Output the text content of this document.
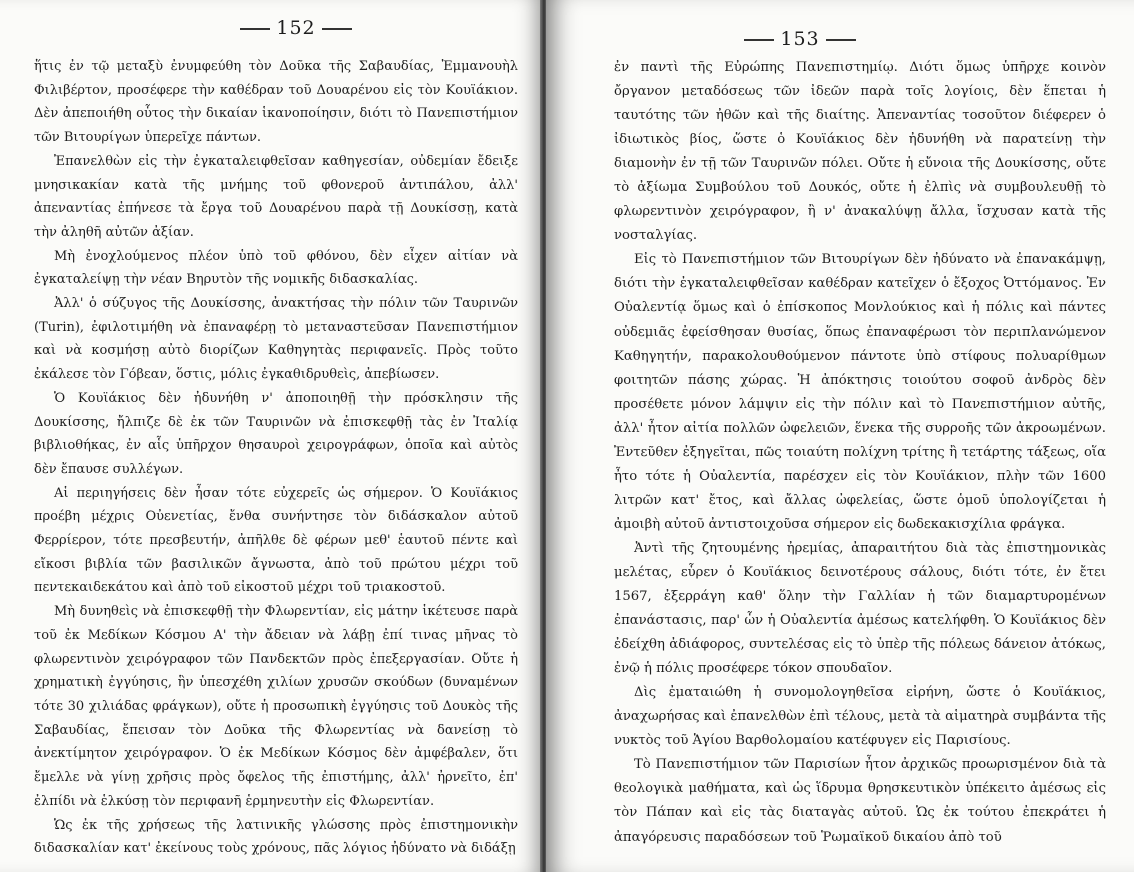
152

ἥτις ἐν τῷ μεταξὺ ἐνυμφεύθη τὸν Δοῦκα τῆς Σαβαυδίας, Ἐμμανουὴλ Φιλιβέρτον, προσέφερε τὴν καθέδραν τοῦ Δουαρένου εἰς τὸν Κουϊάκιον. Δὲν ἀπεποιήθη οὗτος τὴν δικαίαν ἱκανοποίησιν, διότι τὸ Πανεπιστήμιον τῶν Βιτουρίγων ὑπερεῖχε πάντων.

Ἐπανελθὼν εἰς τὴν ἐγκαταλειφθεῖσαν καθηγεσίαν, οὐδεμίαν ἔδειξε μνησικακίαν κατὰ τῆς μνήμης τοῦ φθονεροῦ ἀντιπάλου, ἀλλ' ἀπεναντίας ἐπήνεσε τὰ ἔργα τοῦ Δουαρένου παρὰ τῇ Δουκίσσῃ, κατὰ τὴν ἀληθῆ αὐτῶν ἀξίαν.

Μὴ ἐνοχλούμενος πλέον ὑπὸ τοῦ φθόνου, δὲν εἶχεν αἰτίαν νὰ ἐγκαταλείψῃ τὴν νέαν Βηρυτὸν τῆς νομικῆς διδασκαλίας.

Ἀλλ' ὁ σύζυγος τῆς Δουκίσσης, ἀνακτήσας τὴν πόλιν τῶν Ταυρινῶν (Turin), ἐφιλοτιμήθη νὰ ἐπαναφέρῃ τὸ μεταναστεῦσαν Πανεπιστήμιον καὶ νὰ κοσμήσῃ αὐτὸ διορίζων Καθηγητὰς περιφανεῖς. Πρὸς τοῦτο ἐκάλεσε τὸν Γόβεαν, ὅστις, μόλις ἐγκαθιδρυθεὶς, ἀπεβίωσεν.

Ὁ Κουϊάκιος δὲν ἠδυνήθη ν' ἀποποιηθῇ τὴν πρόσκλησιν τῆς Δουκίσσης, ἤλπιζε δὲ ἐκ τῶν Ταυρινῶν νὰ ἐπισκεφθῇ τὰς ἐν Ἰταλίᾳ βιβλιοθήκας, ἐν αἷς ὑπῆρχον θησαυροὶ χειρογράφων, ὁποῖα καὶ αὐτὸς δὲν ἔπαυσε συλλέγων.

Αἱ περιηγήσεις δὲν ἦσαν τότε εὐχερεῖς ὡς σήμερον. Ὁ Κουϊάκιος προέβη μέχρις Οὐενετίας, ἔνθα συνήντησε τὸν διδάσκαλον αὐτοῦ Φερρίερον, τότε πρεσβευτήν, ἀπῆλθε δὲ φέρων μεθ' ἑαυτοῦ πέντε καὶ εἴκοσι βιβλία τῶν βασιλικῶν ἄγνωστα, ἀπὸ τοῦ πρώτου μέχρι τοῦ πεντεκαιδεκάτου καὶ ἀπὸ τοῦ εἰκοστοῦ μέχρι τοῦ τριακοστοῦ.

Μὴ δυνηθεὶς νὰ ἐπισκεφθῇ τὴν Φλωρεντίαν, εἰς μάτην ἱκέτευσε παρὰ τοῦ ἐκ Μεδίκων Κόσμου Α' τὴν ἄδειαν νὰ λάβῃ ἐπί τινας μῆνας τὸ φλωρεντινὸν χειρόγραφον τῶν Πανδεκτῶν πρὸς ἐπεξεργασίαν. Οὔτε ἡ χρηματικὴ ἐγγύησις, ἣν ὑπεσχέθη χιλίων χρυσῶν σκούδων (δυναμένων τότε 30 χιλιάδας φράγκων), οὔτε ἡ προσωπικὴ ἐγγύησις τοῦ Δουκὸς τῆς Σαβαυδίας, ἔπεισαν τὸν Δοῦκα τῆς Φλωρεντίας νὰ δανείσῃ τὸ ἀνεκτίμητον χειρόγραφον. Ὁ ἐκ Μεδίκων Κόσμος δὲν ἀμφέβαλεν, ὅτι ἔμελλε νὰ γίνῃ χρῆσις πρὸς ὄφελος τῆς ἐπιστήμης, ἀλλ' ἠρνεῖτο, ἐπ' ἐλπίδι νὰ ἑλκύσῃ τὸν περιφανῆ ἑρμηνευτὴν εἰς Φλωρεντίαν.

Ὡς ἐκ τῆς χρήσεως τῆς λατινικῆς γλώσσης πρὸς ἐπιστημονικὴν διδασκαλίαν κατ' ἐκείνους τοὺς χρόνους, πᾶς λόγιος ἠδύνατο νὰ διδάξῃ

153

ἐν παντὶ τῆς Εὐρώπης Πανεπιστημίῳ. Διότι ὅμως ὑπῆρχε κοινὸν ὄργανον μεταδόσεως τῶν ἰδεῶν παρὰ τοῖς λογίοις, δὲν ἕπεται ἡ ταυτότης τῶν ἠθῶν καὶ τῆς διαίτης. Ἀπεναντίας τοσοῦτον διέφερεν ὁ ἰδιωτικὸς βίος, ὥστε ὁ Κουϊάκιος δὲν ἠδυνήθη νὰ παρατείνῃ τὴν διαμονὴν ἐν τῇ τῶν Ταυρινῶν πόλει. Οὔτε ἡ εὔνοια τῆς Δουκίσσης, οὔτε τὸ ἀξίωμα Συμβούλου τοῦ Δουκός, οὔτε ἡ ἐλπὶς νὰ συμβουλευθῇ τὸ φλωρεντινὸν χειρόγραφον, ἢ ν' ἀνακαλύψῃ ἄλλα, ἴσχυσαν κατὰ τῆς νοσταλγίας.

Εἰς τὸ Πανεπιστήμιον τῶν Βιτουρίγων δὲν ἠδύνατο νὰ ἐπανακάμψῃ, διότι τὴν ἐγκαταλειφθεῖσαν καθέδραν κατεῖχεν ὁ ἔξοχος Ὀττόμανος. Ἐν Οὐαλεντίᾳ ὅμως καὶ ὁ ἐπίσκοπος Μονλούκιος καὶ ἡ πόλις καὶ πάντες οὐδεμιᾶς ἐφείσθησαν θυσίας, ὅπως ἐπαναφέρωσι τὸν περιπλανώμενον Καθηγητήν, παρακολουθούμενον πάντοτε ὑπὸ στίφους πολυαρίθμων φοιτητῶν πάσης χώρας. Ἡ ἀπόκτησις τοιούτου σοφοῦ ἀνδρὸς δὲν προσέθετε μόνον λάμψιν εἰς τὴν πόλιν καὶ τὸ Πανεπιστήμιον αὐτῆς, ἀλλ' ἦτον αἰτία πολλῶν ὠφελειῶν, ἕνεκα τῆς συρροῆς τῶν ἀκροωμένων. Ἐντεῦθεν ἐξηγεῖται, πῶς τοιαύτη πολίχνη τρίτης ἢ τετάρτης τάξεως, οἵα ἦτο τότε ἡ Οὐαλεντία, παρέσχεν εἰς τὸν Κουϊάκιον, πλὴν τῶν 1600 λιτρῶν κατ' ἔτος, καὶ ἄλλας ὠφελείας, ὥστε ὁμοῦ ὑπολογίζεται ἡ ἀμοιβὴ αὐτοῦ ἀντιστοιχοῦσα σήμερον εἰς δωδεκακισχίλια φράγκα.

Ἀντὶ τῆς ζητουμένης ἠρεμίας, ἀπαραιτήτου διὰ τὰς ἐπιστημονικὰς μελέτας, εὗρεν ὁ Κουϊάκιος δεινοτέρους σάλους, διότι τότε, ἐν ἔτει 1567, ἐξερράγη καθ' ὅλην τὴν Γαλλίαν ἡ τῶν διαμαρτυρομένων ἐπανάστασις, παρ' ὧν ἡ Οὐαλεντία ἀμέσως κατελήφθη. Ὁ Κουϊάκιος δὲν ἐδείχθη ἀδιάφορος, συντελέσας εἰς τὸ ὑπὲρ τῆς πόλεως δάνειον ἀτόκως, ἐνῷ ἡ πόλις προσέφερε τόκον σπουδαῖον.

Δὶς ἐματαιώθη ἡ συνομολογηθεῖσα εἰρήνη, ὥστε ὁ Κουϊάκιος, ἀναχωρήσας καὶ ἐπανελθὼν ἐπὶ τέλους, μετὰ τὰ αἱματηρὰ συμβάντα τῆς νυκτὸς τοῦ Ἁγίου Βαρθολομαίου κατέφυγεν εἰς Παρισίους.

Τὸ Πανεπιστήμιον τῶν Παρισίων ἦτον ἀρχικῶς προωρισμένον διὰ τὰ θεολογικὰ μαθήματα, καὶ ὡς ἵδρυμα θρησκευτικὸν ὑπέκειτο ἀμέσως εἰς τὸν Πάπαν καὶ εἰς τὰς διαταγὰς αὐτοῦ. Ὡς ἐκ τούτου ἐπεκράτει ἡ ἀπαγόρευσις παραδόσεων τοῦ Ῥωμαϊκοῦ δικαίου ἀπὸ τοῦ
